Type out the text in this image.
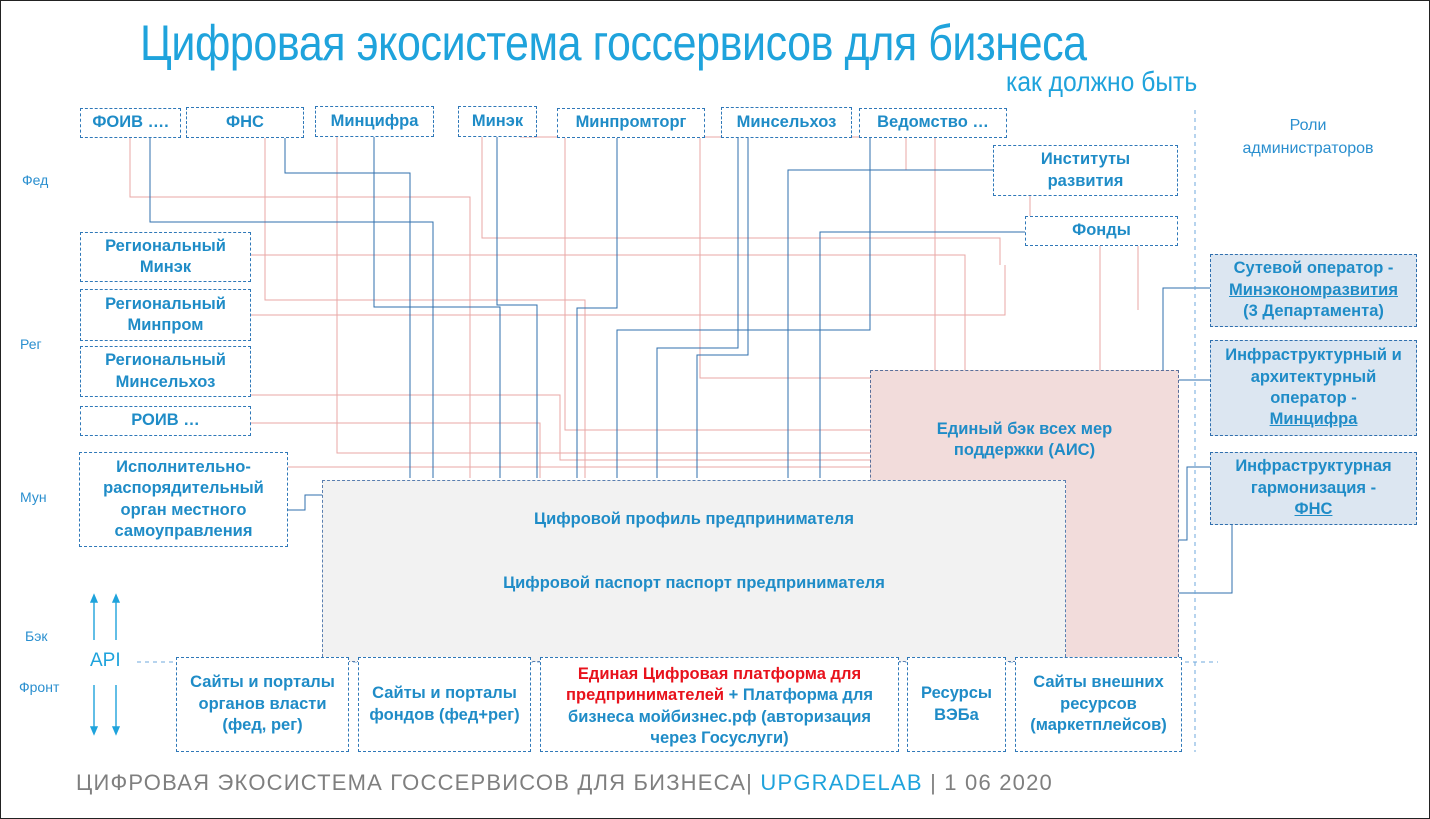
Цифровая экосистема госсервисов для бизнеса
как должно быть
Фед
Рег
Мун
Бэк
Фронт
Роли администраторов
API
ФОИВ ….	ФНС	Минцифра	Минэк	Минпромторг	Минсельхоз	Ведомство …
Институты развития
Фонды
Региональный Минэк
Региональный Минпром
Региональный Минсельхоз
РОИВ …
Исполнительно-распорядительный орган местного самоуправления
Единый бэк всех мер поддержки (АИС)
Цифровой профиль предпринимателя
Цифровой паспорт паспорт предпринимателя
Сутевой оператор -
Минэкономразвития
(3 Департамента)
Инфраструктурный и архитектурный оператор -
Минцифра
Инфраструктурная гармонизация -
ФНС
Сайты и порталы органов власти (фед, рег)
Сайты и порталы фондов (фед+рег)
Единая Цифровая платформа для предпринимателей + Платформа для бизнеса мойбизнес.рф (авторизация через Госуслуги)
Ресурсы ВЭБа
Сайты внешних ресурсов (маркетплейсов)
ЦИФРОВАЯ ЭКОСИСТЕМА ГОССЕРВИСОВ ДЛЯ БИЗНЕСА| UPGRADELAB | 1 06 2020
